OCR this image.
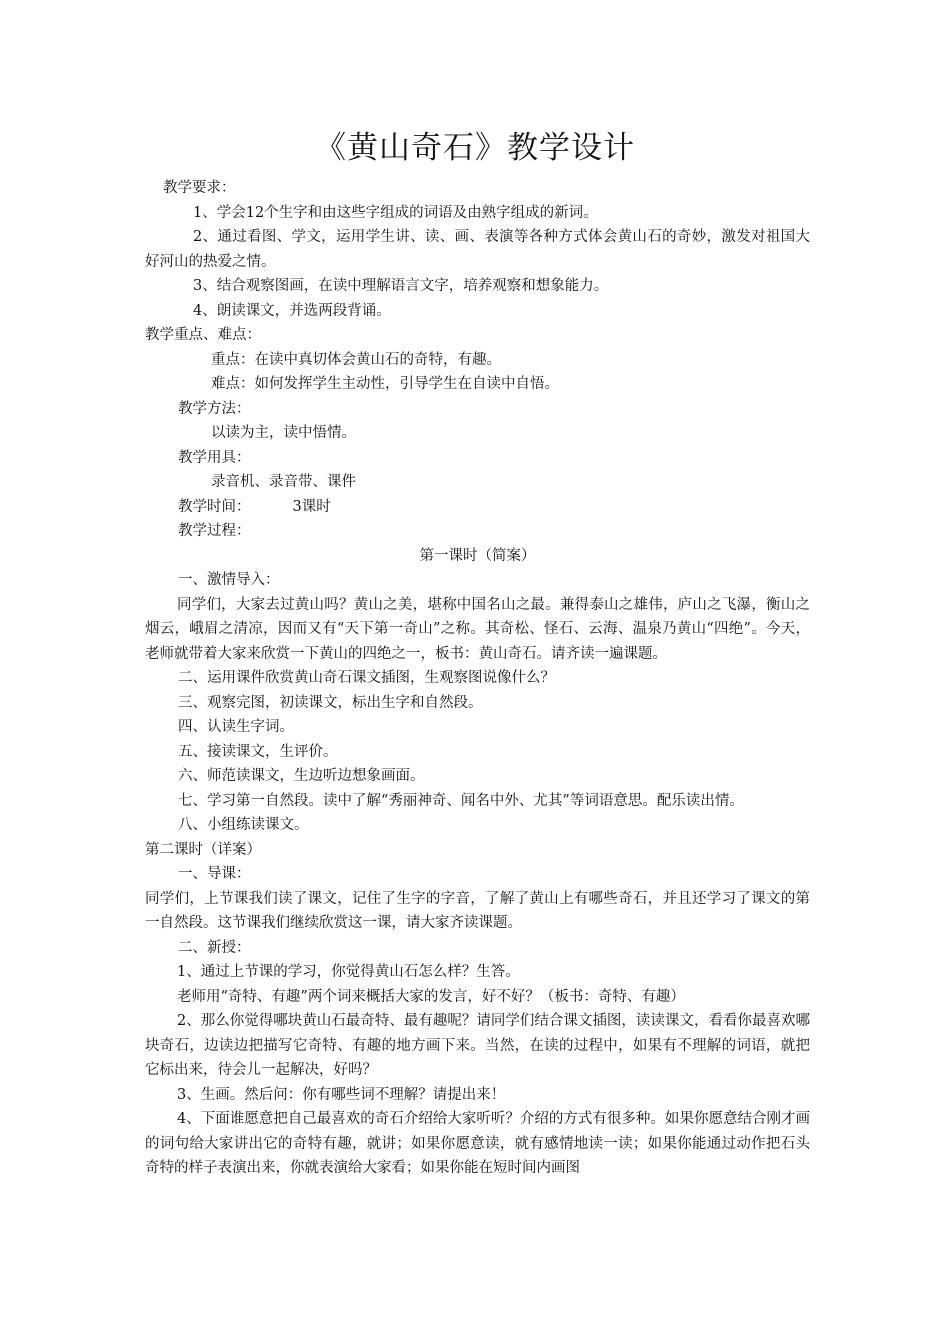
《黄山奇石》教学设计

教学要求：

1、学会12个生字和由这些字组成的词语及由熟字组成的新词。

2、通过看图、学文，运用学生讲、读、画、表演等各种方式体会黄山石的奇妙，激发对祖国大好河山的热爱之情。

3、结合观察图画，在读中理解语言文字，培养观察和想象能力。

4、朗读课文，并选两段背诵。

教学重点、难点：

重点：在读中真切体会黄山石的奇特，有趣。

难点：如何发挥学生主动性，引导学生在自读中自悟。

教学方法：

以读为主，读中悟情。

教学用具：

录音机、录音带、课件

教学时间：	3课时

教学过程：

第一课时（简案）

一、激情导入：

同学们，大家去过黄山吗？黄山之美，堪称中国名山之最。兼得泰山之雄伟，庐山之飞瀑，衡山之烟云，峨眉之清凉，因而又有“天下第一奇山”之称。其奇松、怪石、云海、温泉乃黄山“四绝”。今天，老师就带着大家来欣赏一下黄山的四绝之一，板书：黄山奇石。请齐读一遍课题。

二、运用课件欣赏黄山奇石课文插图，生观察图说像什么？

三、观察完图，初读课文，标出生字和自然段。

四、认读生字词。

五、接读课文，生评价。

六、师范读课文，生边听边想象画面。

七、学习第一自然段。读中了解“秀丽神奇、闻名中外、尤其”等词语意思。配乐读出情。

八、小组练读课文。

第二课时（详案）

一、导课：

同学们，上节课我们读了课文，记住了生字的字音，了解了黄山上有哪些奇石，并且还学习了课文的第一自然段。这节课我们继续欣赏这一课，请大家齐读课题。

二、新授：

1、通过上节课的学习，你觉得黄山石怎么样？生答。

老师用“奇特、有趣”两个词来概括大家的发言，好不好？（板书：奇特、有趣）

2、那么你觉得哪块黄山石最奇特、最有趣呢？请同学们结合课文插图，读读课文，看看你最喜欢哪块奇石，边读边把描写它奇特、有趣的地方画下来。当然，在读的过程中，如果有不理解的词语，就把它标出来，待会儿一起解决，好吗？

3、生画。然后问：你有哪些词不理解？请提出来！

4、下面谁愿意把自己最喜欢的奇石介绍给大家听听？介绍的方式有很多种。如果你愿意结合刚才画的词句给大家讲出它的奇特有趣，就讲；如果你愿意读，就有感情地读一读；如果你能通过动作把石头奇特的样子表演出来，你就表演给大家看；如果你能在短时间内画图
